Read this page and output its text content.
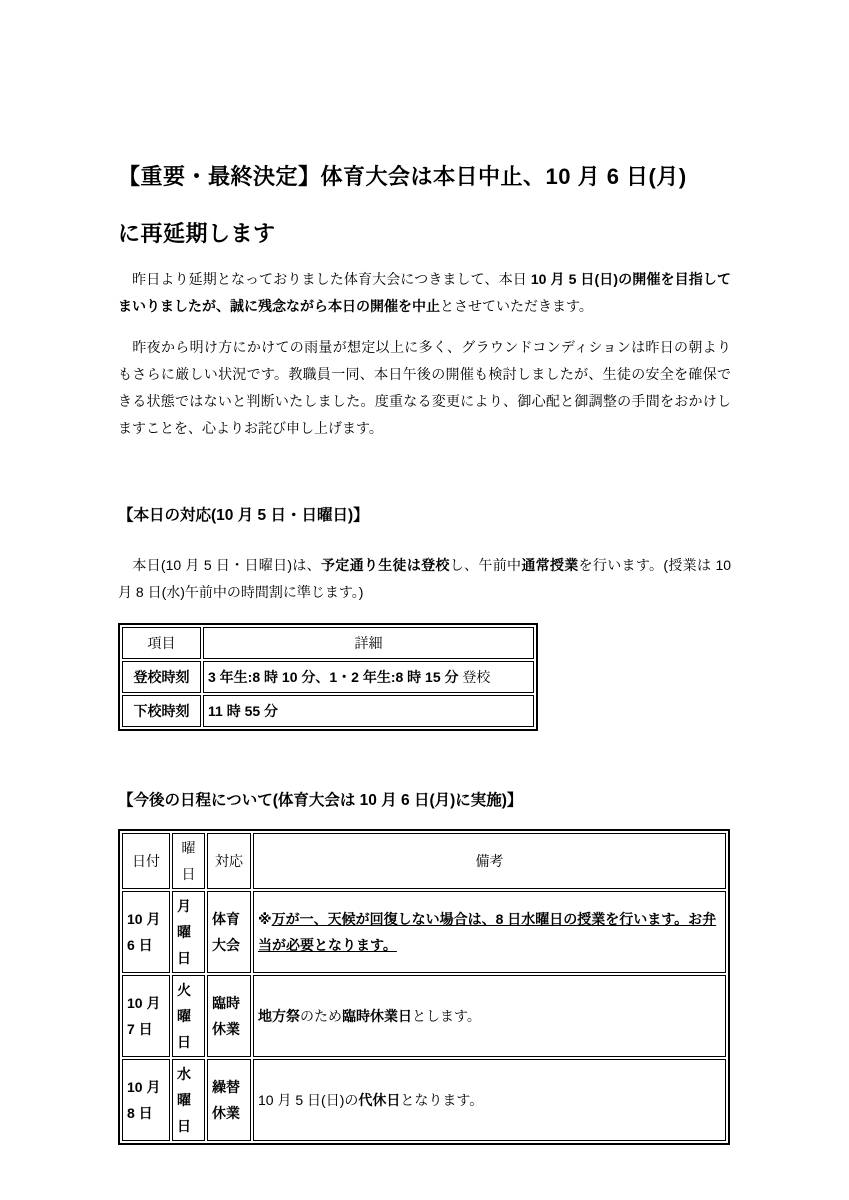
【重要・最終決定】体育大会は本日中止、10 月 6 日(月)
に再延期します

　昨日より延期となっておりました体育大会につきまして、本日 10 月 5 日(日)の開催を目指してまいりましたが、誠に残念ながら本日の開催を中止とさせていただきます。

　昨夜から明け方にかけての雨量が想定以上に多く、グラウンドコンディションは昨日の朝よりもさらに厳しい状況です。教職員一同、本日午後の開催も検討しましたが、生徒の安全を確保できる状態ではないと判断いたしました。度重なる変更により、御心配と御調整の手間をおかけしますことを、心よりお詫び申し上げます。

【本日の対応(10 月 5 日・日曜日)】

　本日(10 月 5 日・日曜日)は、予定通り生徒は登校し、午前中通常授業を行います。(授業は 10 月 8 日(水)午前中の時間割に準じます。)

項目	詳細
登校時刻	3 年生:8 時 10 分、1・2 年生:8 時 15 分 登校
下校時刻	11 時 55 分
【今後の日程について(体育大会は 10 月 6 日(月)に実施)】
日付	曜日	対応	備考
10 月 6 日	月曜日	体育大会	※万が一、天候が回復しない場合は、8 日水曜日の授業を行います。お弁当が必要となります。
10 月 7 日	火曜日	臨時休業	地方祭のため臨時休業日とします。
10 月 8 日	水曜日	繰替休業	10 月 5 日(日)の代休日となります。
